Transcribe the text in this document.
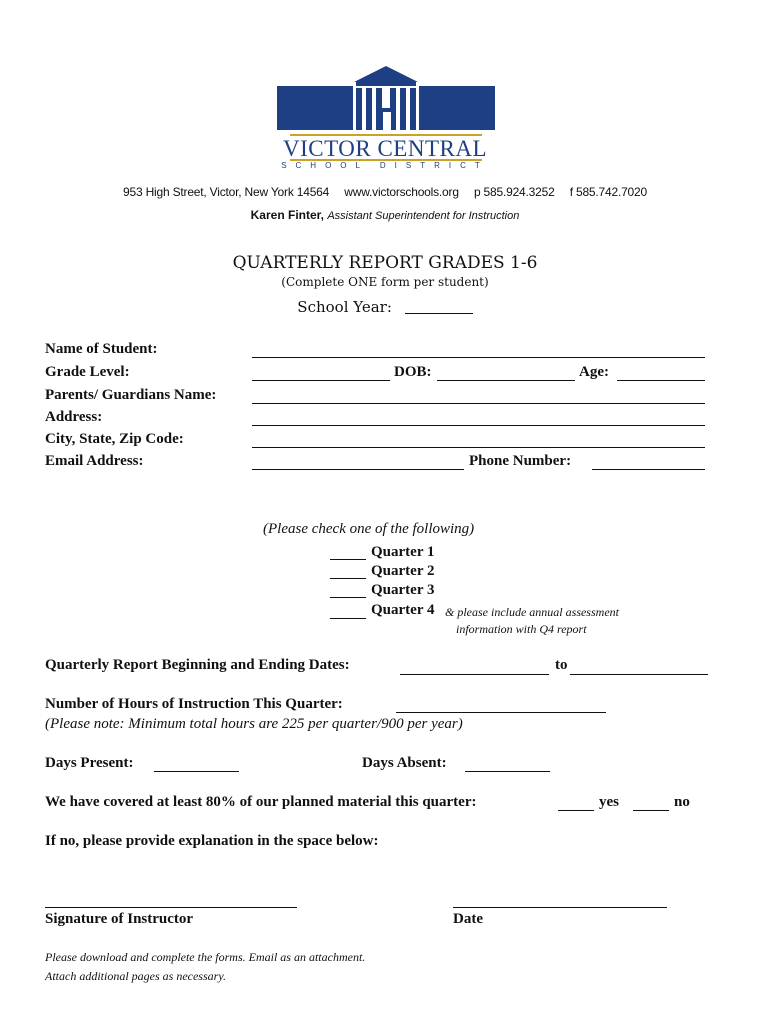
VICTOR CENTRAL
SCHOOL DISTRICT
953 High Street, Victor, New York 14564 www.victorschools.org p 585.924.3252 f 585.742.7020
Karen Finter, Assistant Superintendent for Instruction
QUARTERLY REPORT GRADES 1-6
(Complete ONE form per student)
School Year:
Name of Student:
Grade Level:	DOB:	Age:
Parents/ Guardians Name:
Address:
City, State, Zip Code:
Email Address:	Phone Number:
(Please check one of the following)
Quarter 1
Quarter 2
Quarter 3
Quarter 4 & please include annual assessment
information with Q4 report
Quarterly Report Beginning and Ending Dates:	to
Number of Hours of Instruction This Quarter:
(Please note: Minimum total hours are 225 per quarter/900 per year)
Days Present:	Days Absent:
We have covered at least 80% of our planned material this quarter:	yes	no
If no, please provide explanation in the space below:
Signature of Instructor	Date
Please download and complete the forms. Email as an attachment.
Attach additional pages as necessary.
